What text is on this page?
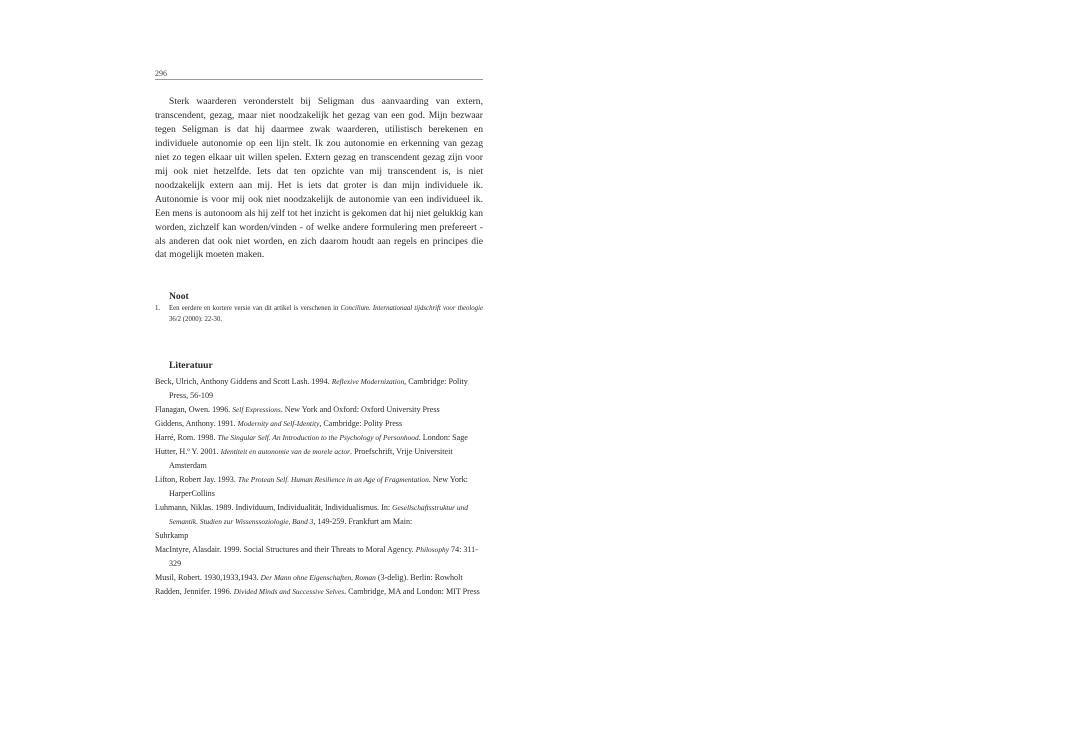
296

Sterk waarderen veronderstelt bij Seligman dus aanvaarding van extern, transcendent, gezag, maar niet noodzakelijk het gezag van een god. Mijn bezwaar tegen Seligman is dat hij daarmee zwak waarderen, utilistisch berekenen en individuele autonomie op een lijn stelt. Ik zou autonomie en erkenning van gezag niet zo tegen elkaar uit willen spelen. Extern gezag en transcendent gezag zijn voor mij ook niet hetzelfde. Iets dat ten opzichte van mij transcendent is, is niet noodzakelijk extern aan mij. Het is iets dat groter is dan mijn individuele ik. Autonomie is voor mij ook niet noodzakelijk de autonomie van een individueel ik. Een mens is autonoom als hij zelf tot het inzicht is gekomen dat hij niet gelukkig kan worden, zichzelf kan worden/vinden - of welke andere formulering men prefereert - als anderen dat ook niet worden, en zich daarom houdt aan regels en principes die dat mogelijk moeten maken.

Noot
1.	Een eerdere en kortere versie van dit artikel is verschenen in Concilium. Internationaal tijdschrift voor theologie 36/2 (2000): 22-30.
Literatuur
Beck, Ulrich, Anthony Giddens and Scott Lash. 1994. Reflexive Modernization, Cambridge: Polity Press, 56-109
Flanagan, Owen. 1996. Self Expressions. New York and Oxford: Oxford University Press
Giddens, Anthony. 1991. Modernity and Self-Identity, Cambridge: Polity Press
Harré, Rom. 1998. The Singular Self. An Introduction to the Psychology of Personhood. London: Sage
Hutter, H.º Y. 2001. Identiteit en autonomie van de morele actor. Proefschrift, Vrije Universiteit Amsterdam
Lifton, Robert Jay. 1993. The Protean Self. Human Resilience in an Age of Fragmentation. New York: HarperCollins
Luhmann, Niklas. 1989. Individuum, Individualität, Individualismus. In: Gesellschaftsstruktur und Semantik. Studien zur Wissenssoziologie, Band 3, 149-259. Frankfurt am Main:
Suhrkamp
MacIntyre, Alasdair. 1999. Social Structures and their Threats to Moral Agency. Philosophy 74: 311-329
Musil, Robert. 1930,1933,1943. Der Mann ohne Eigenschaften, Roman (3-delig). Berlin: Rowholt
Radden, Jennifer. 1996. Divided Minds and Successive Selves. Cambridge, MA and London: MIT Press
